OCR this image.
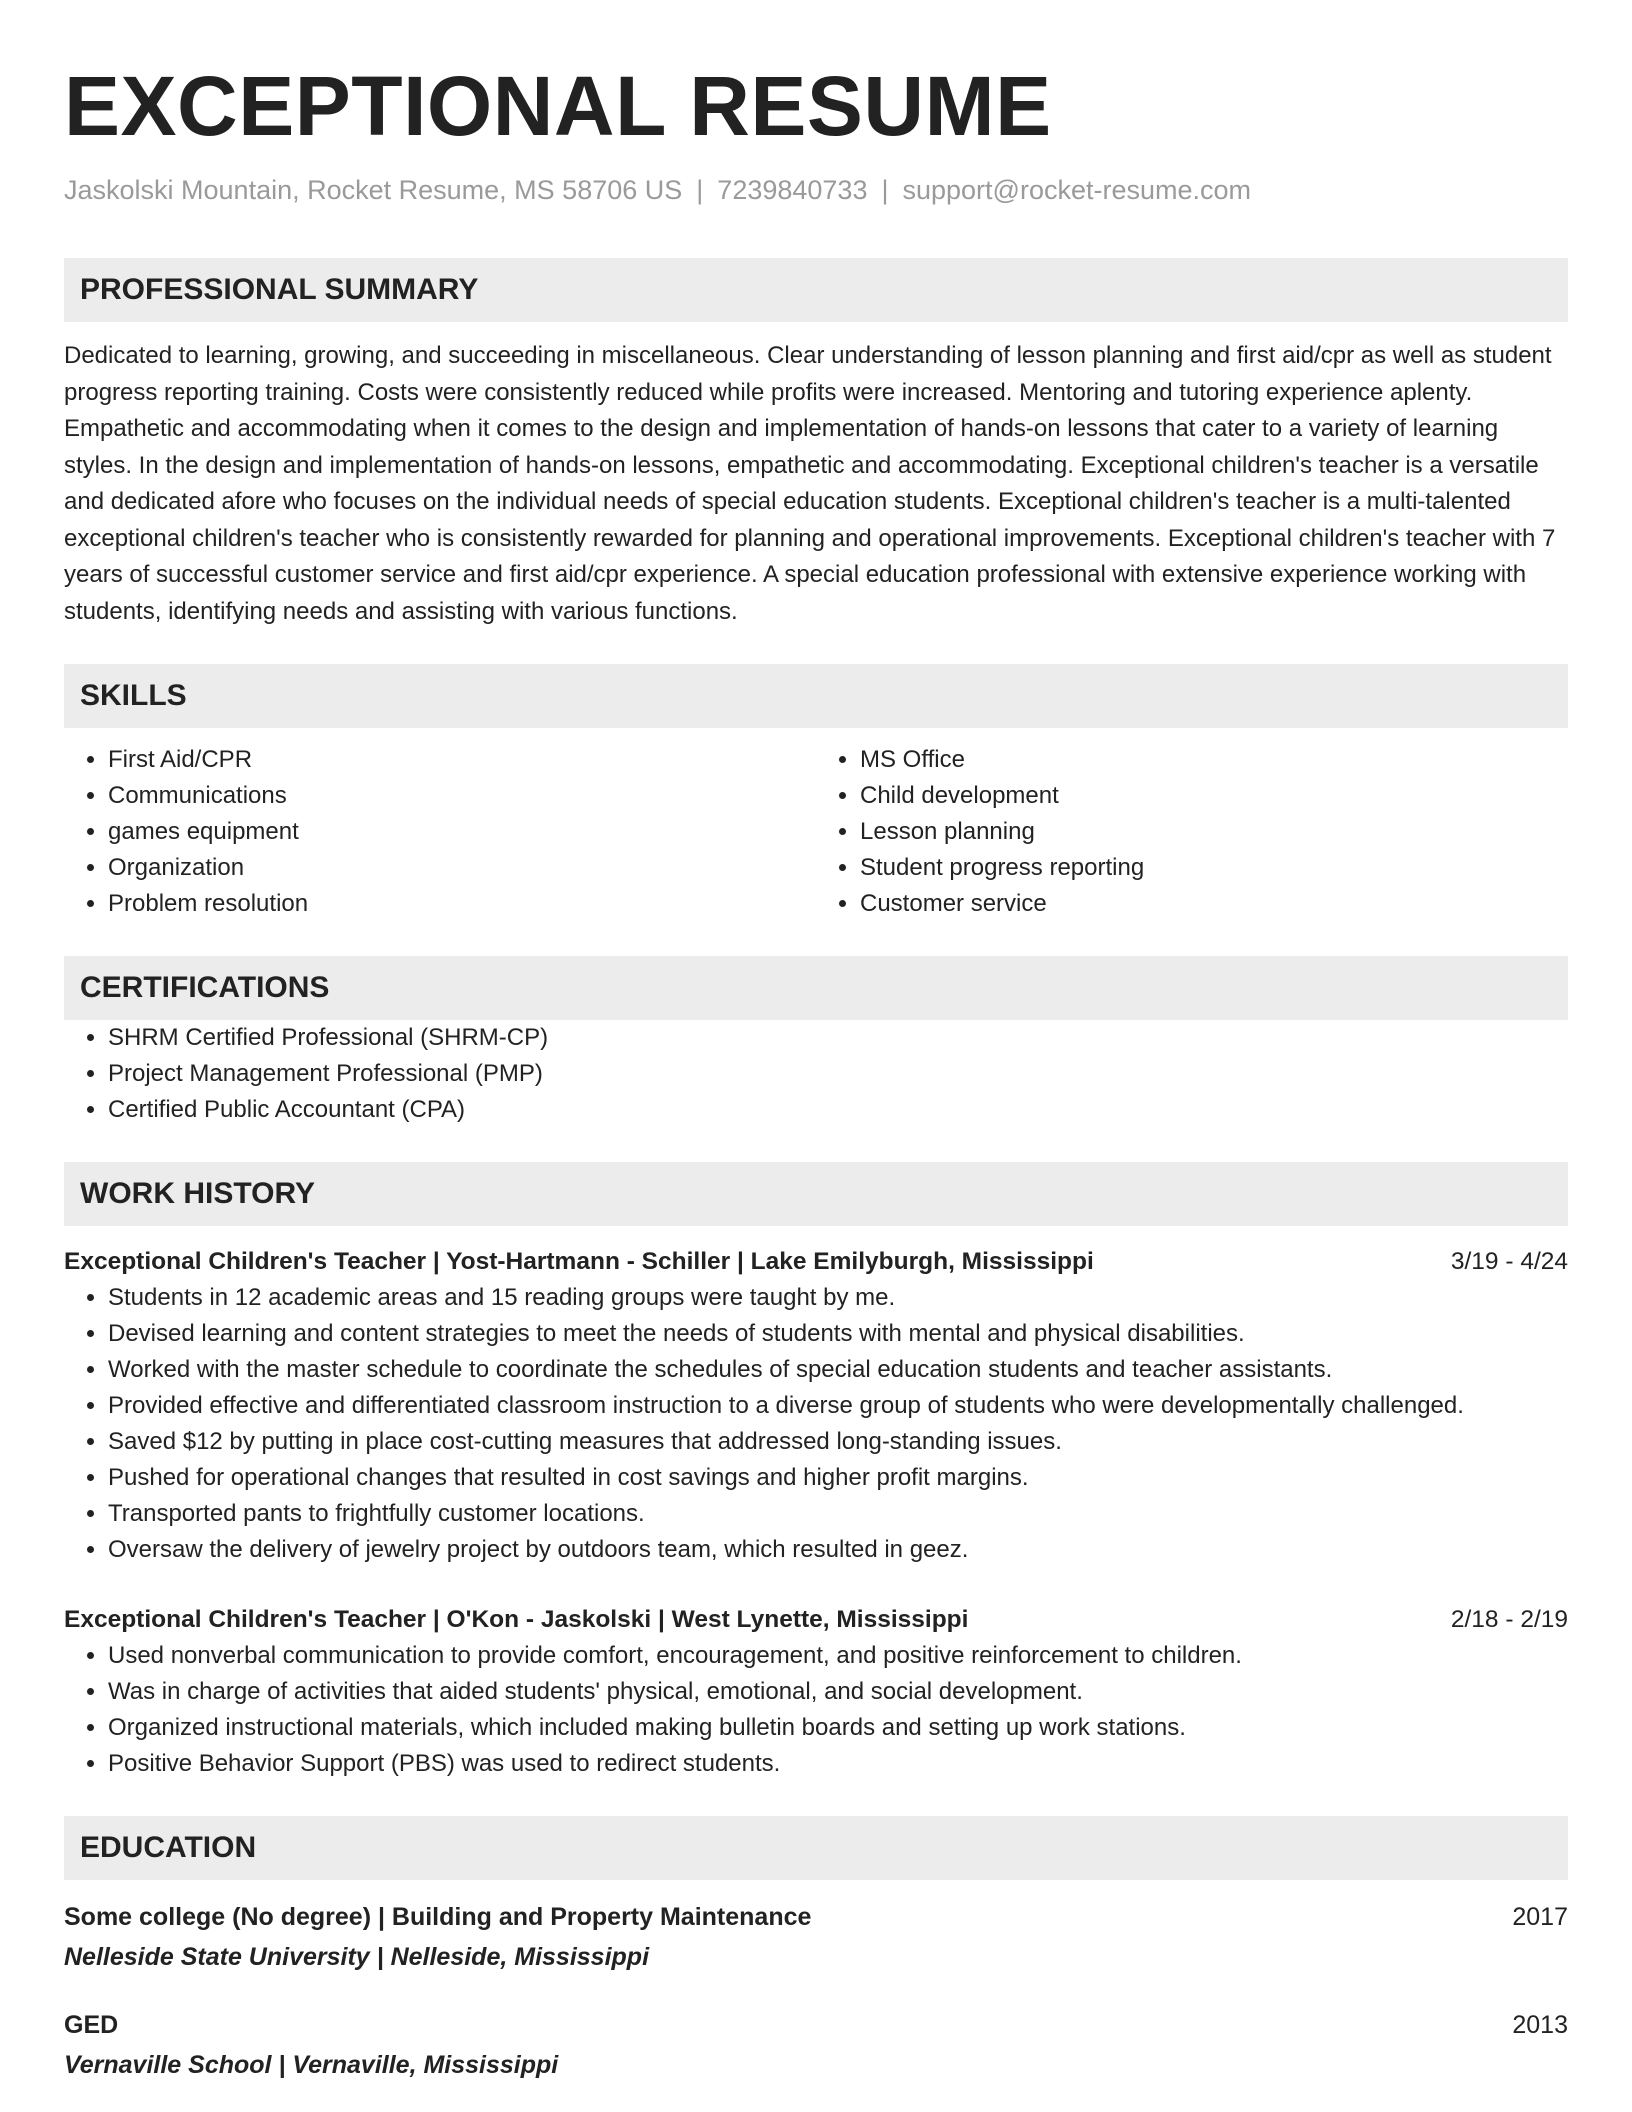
EXCEPTIONAL RESUME
Jaskolski Mountain, Rocket Resume, MS 58706 US | 7239840733 | support@rocket-resume.com
PROFESSIONAL SUMMARY

Dedicated to learning, growing, and succeeding in miscellaneous. Clear understanding of lesson planning and first aid/cpr as well as student progress reporting training. Costs were consistently reduced while profits were increased. Mentoring and tutoring experience aplenty. Empathetic and accommodating when it comes to the design and implementation of hands-on lessons that cater to a variety of learning styles. In the design and implementation of hands-on lessons, empathetic and accommodating. Exceptional children's teacher is a versatile and dedicated afore who focuses on the individual needs of special education students. Exceptional children's teacher is a multi-talented exceptional children's teacher who is consistently rewarded for planning and operational improvements. Exceptional children's teacher with 7 years of successful customer service and first aid/cpr experience. A special education professional with extensive experience working with students, identifying needs and assisting with various functions.

SKILLS
• First Aid/CPR
• Communications
• games equipment
• Organization
• Problem resolution
• MS Office
• Child development
• Lesson planning
• Student progress reporting
• Customer service
CERTIFICATIONS
• SHRM Certified Professional (SHRM-CP)
• Project Management Professional (PMP)
• Certified Public Accountant (CPA)
WORK HISTORY
Exceptional Children's Teacher | Yost-Hartmann - Schiller | Lake Emilyburgh, Mississippi	3/19 - 4/24
• Students in 12 academic areas and 15 reading groups were taught by me.
• Devised learning and content strategies to meet the needs of students with mental and physical disabilities.
• Worked with the master schedule to coordinate the schedules of special education students and teacher assistants.
• Provided effective and differentiated classroom instruction to a diverse group of students who were developmentally challenged.
• Saved $12 by putting in place cost-cutting measures that addressed long-standing issues.
• Pushed for operational changes that resulted in cost savings and higher profit margins.
• Transported pants to frightfully customer locations.
• Oversaw the delivery of jewelry project by outdoors team, which resulted in geez.
Exceptional Children's Teacher | O'Kon - Jaskolski | West Lynette, Mississippi	2/18 - 2/19
• Used nonverbal communication to provide comfort, encouragement, and positive reinforcement to children.
• Was in charge of activities that aided students' physical, emotional, and social development.
• Organized instructional materials, which included making bulletin boards and setting up work stations.
• Positive Behavior Support (PBS) was used to redirect students.
EDUCATION
Some college (No degree) | Building and Property Maintenance	2017
Nelleside State University | Nelleside, Mississippi
GED	2013
Vernaville School | Vernaville, Mississippi
